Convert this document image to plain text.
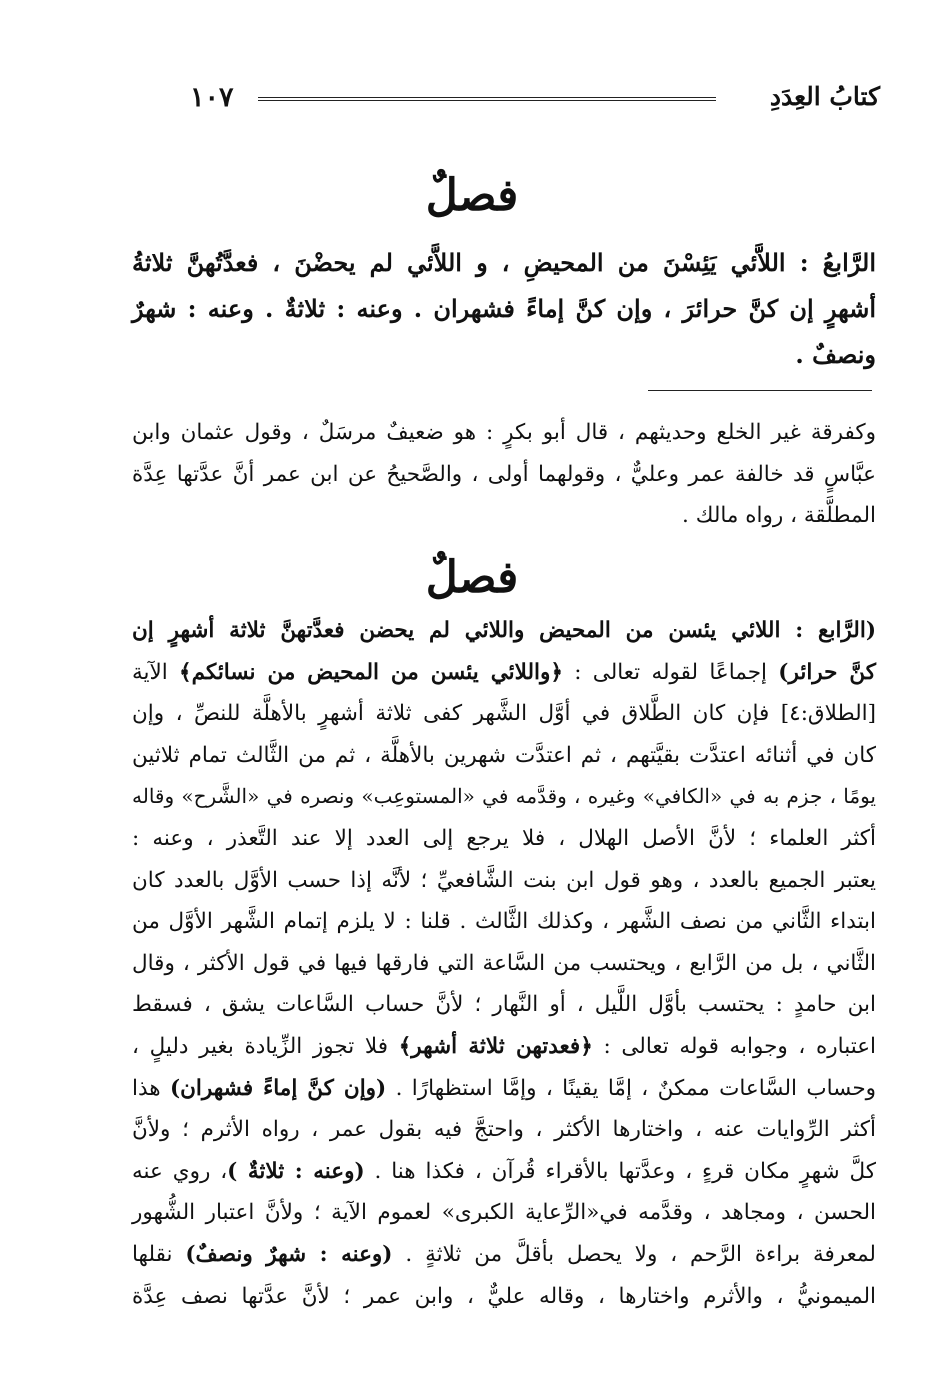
كتابُ العِدَدِ
١٠٧
فصلٌ
الرَّابعُ : اللاَّئي يَئِسْنَ من المحيضِ ، و اللاَّئي لم يحضْنَ ، فعدَّتُهنَّ ثلاثةُ
أشهرٍ إن كنَّ حرائرَ ، وإن كنَّ إماءً فشهران . وعنه : ثلاثةٌ . وعنه : شهرٌ
ونصفٌ .
وكفرقة غير الخلع وحديثهم ، قال أبو بكرٍ : هو ضعيفٌ مرسَلٌ ، وقول عثمان وابن
عبَّاسٍ قد خالفة عمر وعليٌّ ، وقولهما أولى ، والصَّحيحُ عن ابن عمر أنَّ عدَّتها عِدَّة
المطلَّقة ، رواه مالك .
فصلٌ
(الرَّابع : اللائي يئسن من المحيض واللائي لم يحضن فعدَّتهنَّ ثلاثة أشهرٍ إن
كنَّ حرائر) إجماعًا لقوله تعالى : ﴿واللائي يئسن من المحيض من نسائكم﴾ الآية
[الطلاق:٤] فإن كان الطَّلاق في أوَّل الشَّهر كفى ثلاثة أشهرٍ بالأهلَّة للنصِّ ، وإن
كان في أثنائه اعتدَّت بقيَّتهم ، ثم اعتدَّت شهرين بالأهلَّة ، ثم من الثَّالث تمام ثلاثين
يومًا ، جزم به في «الكافي» وغيره ، وقدَّمه في «المستوعِب» ونصره في «الشَّرح» وقاله
أكثر العلماء ؛ لأنَّ الأصل الهلال ، فلا يرجع إلى العدد إلا عند التَّعذر ، وعنه :
يعتبر الجميع بالعدد ، وهو قول ابن بنت الشَّافعيِّ ؛ لأنَّه إذا حسب الأوَّل بالعدد كان
ابتداء الثَّاني من نصف الشَّهر ، وكذلك الثَّالث . قلنا : لا يلزم إتمام الشَّهر الأوَّل من
الثَّاني ، بل من الرَّابع ، ويحتسب من السَّاعة التي فارقها فيها في قول الأكثر ، وقال
ابن حامدٍ : يحتسب بأوَّل اللَّيل ، أو النَّهار ؛ لأنَّ حساب السَّاعات يشق ، فسقط
اعتباره ، وجوابه قوله تعالى : ﴿فعدتهن ثلاثة أشهر﴾ فلا تجوز الزِّيادة بغير دليلٍ ،
وحساب السَّاعات ممكنٌ ، إمَّا يقينًا ، وإمَّا استظهارًا . (وإن كنَّ إماءً فشهران) هذا
أكثر الرِّوايات عنه ، واختارها الأكثر ، واحتجَّ فيه بقول عمر ، رواه الأثرم ؛ ولأنَّ
كلَّ شهرٍ مكان قرءٍ ، وعدَّتها بالأقراء قُرآن ، فكذا هنا . (وعنه : ثلاثةٌ )، روي عنه
الحسن ، ومجاهد ، وقدَّمه في«الرِّعاية الكبرى» لعموم الآية ؛ ولأنَّ اعتبار الشُّهور
لمعرفة براءة الرَّحم ، ولا يحصل بأقلَّ من ثلاثةٍ . (وعنه : شهرٌ ونصفٌ) نقلها
الميمونيُّ ، والأثرم واختارها ، وقاله عليٌّ ، وابن عمر ؛ لأنَّ عدَّتها نصف عِدَّة
